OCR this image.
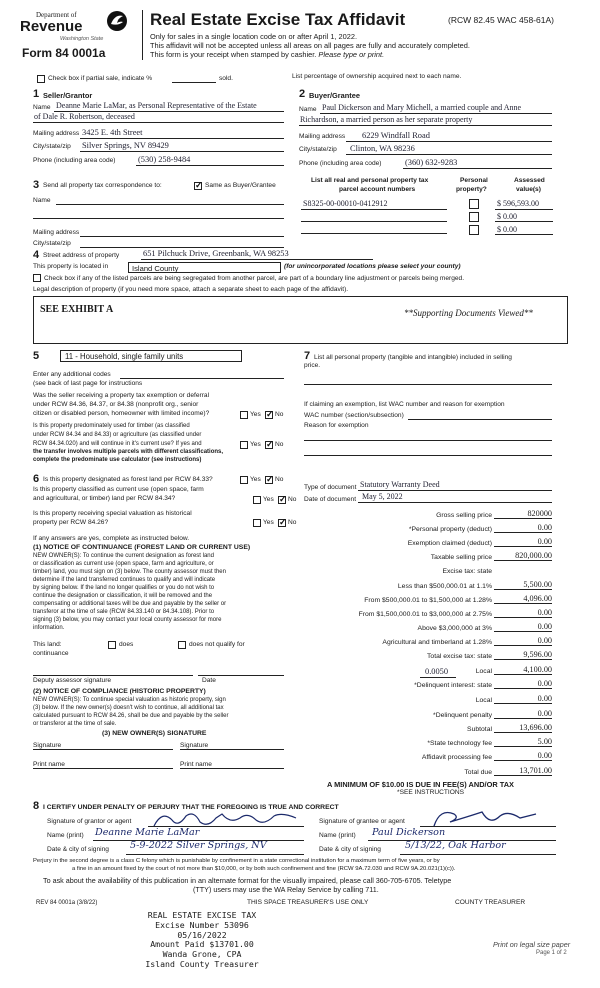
Department of
Revenue
Washington State
Form 84 0001a
Real Estate Excise Tax Affidavit	(RCW 82.45 WAC 458-61A)
Only for sales in a single location code on or after April 1, 2022.
This affidavit will not be accepted unless all areas on all pages are fully and accurately completed.
This form is your receipt when stamped by cashier. Please type or print.
Check box if partial sale, indicate %	sold.	List percentage of ownership acquired next to each name.
1 Seller/Grantor
Name Deanne Marie LaMar, as Personal Representative of the Estate
of Dale R. Robertson, deceased
Mailing address 3425 E. 4th Street
City/state/zip Silver Springs, NV 89429
Phone (including area code)	(530) 258-9484
2 Buyer/Grantee
Name Paul Dickerson and Mary Michell, a married couple and Anne
Richardson, a married person as her separate property
Mailing address 6229 Windfall Road
City/state/zip Clinton, WA 98236
Phone (including area code)	(360) 632-9283
3 Send all property tax correspondence to: ✓	Same as Buyer/Grantee
Name
Mailing address
City/state/zip
List all real and personal property tax
parcel account numbers
Personal
property?
Assessed
value(s)
S8325-00-00010-0412912	$ 596,593.00
$ 0.00
$ 0.00
4 Street address of property	651 Pilchuck Drive, Greenbank, WA 98253
This property is located in	Island County	(for unincorporated locations please select your county)
Check box if any of the listed parcels are being segregated from another parcel, are part of a boundary line adjustment or parcels being merged.
Legal description of property (if you need more space, attach a separate sheet to each page of the affidavit).
SEE EXHIBIT A	**Supporting Documents Viewed**
5	11 - Household, single family units
Enter any additional codes
(see back of last page for instructions
Was the seller receiving a property tax exemption or deferral
under RCW 84.36, 84.37, or 84.38 (nonprofit org., senior
citizen or disabled person, homeowner with limited income)?	Yes ✓ No
Is this property predominately used for timber (as classified
under RCW 84.34 and 84.33) or agriculture (as classified under
RCW 84.34.020) and will continue in it's current use? If yes and
the transfer involves multiple parcels with different classifications,
complete the predominate use calculator (see instructions)
Yes ✓ No
7 List all personal property (tangible and intangible) included in selling
price.
If claiming an exemption, list WAC number and reason for exemption
WAC number (section/subsection)
Reason for exemption
6 Is this property designated as forest land per RCW 84.33?	Yes ✓ No
Is this property classified as current use (open space, farm
and agricultural, or timber) land per RCW 84.34?	Yes ✓ No
Is this property receiving special valuation as historical
property per RCW 84.26?	Yes ✓ No
If any answers are yes, complete as instructed below.
(1) NOTICE OF CONTINUANCE (FOREST LAND OR CURRENT USE)
NEW OWNER(S): To continue the current designation as forest land
or classification as current use (open space, farm and agriculture, or
timber) land, you must sign on (3) below. The county assessor must then
determine if the land transferred continues to qualify and will indicate
by signing below. If the land no longer qualifies or you do not wish to
continue the designation or classification, it will be removed and the
compensating or additional taxes will be due and payable by the seller or
transferor at the time of sale (RCW 84.33.140 or 84.34.108). Prior to
signing (3) below, you may contact your local county assessor for more
information.
This land:	does	does not qualify for
continuance
Deputy assessor signature	Date
(2) NOTICE OF COMPLIANCE (HISTORIC PROPERTY)
NEW OWNER(S): To continue special valuation as historic property, sign
(3) below. If the new owner(s) doesn't wish to continue, all additional tax
calculated pursuant to RCW 84.26, shall be due and payable by the seller
or transferor at the time of sale.
(3) NEW OWNER(S) SIGNATURE
Signature	Signature
Print name	Print name
Type of document Statutory Warranty Deed
Date of document May 5, 2022
Gross selling price	820000
*Personal property (deduct)	0.00
Exemption claimed (deduct)	0.00
Taxable selling price	820,000.00
Excise tax: state
Less than $500,000.01 at 1.1%	5,500.00
From $500,000.01 to $1,500,000 at 1.28%	4,096.00
From $1,500,000.01 to $3,000,000 at 2.75%	0.00
Above $3,000,000 at 3%	0.00
Agricultural and timberland at 1.28%	0.00
Total excise tax: state	9,596.00
0.0050	Local	4,100.00
*Delinquent interest: state	0.00
Local	0.00
*Delinquent penalty	0.00
Subtotal	13,696.00
*State technology fee	5.00
Affidavit processing fee	0.00
Total due	13,701.00
A MINIMUM OF $10.00 IS DUE IN FEE(S) AND/OR TAX
*SEE INSTRUCTIONS
8 I CERTIFY UNDER PENALTY OF PERJURY THAT THE FOREGOING IS TRUE AND CORRECT
Signature of grantor or agent	Signature of grantee or agent
Name (print) Deanne Marie LaMar	Name (print) Paul Dickerson
Date & city of signing 5-9-2022 Silver Springs, NV	Date & city of signing	5/13/22, Oak Harbor
Perjury in the second degree is a class C felony which is punishable by confinement in a state correctional institution for a maximum term of five years, or by
a fine in an amount fixed by the court of not more than $10,000, or by both such confinement and fine (RCW 9A.72.030 and RCW 9A.20.021(1)(c)).
To ask about the availability of this publication in an alternate format for the visually impaired, please call 360-705-6705. Teletype
(TTY) users may use the WA Relay Service by calling 711.
REV 84 0001a (3/8/22)	THIS SPACE TREASURER'S USE ONLY	COUNTY TREASURER
REAL ESTATE EXCISE TAX
Excise Number 53096
05/16/2022
Amount Paid $13701.00
Wanda Grone, CPA
Island County Treasurer
Print on legal size paper
Page 1 of 2
